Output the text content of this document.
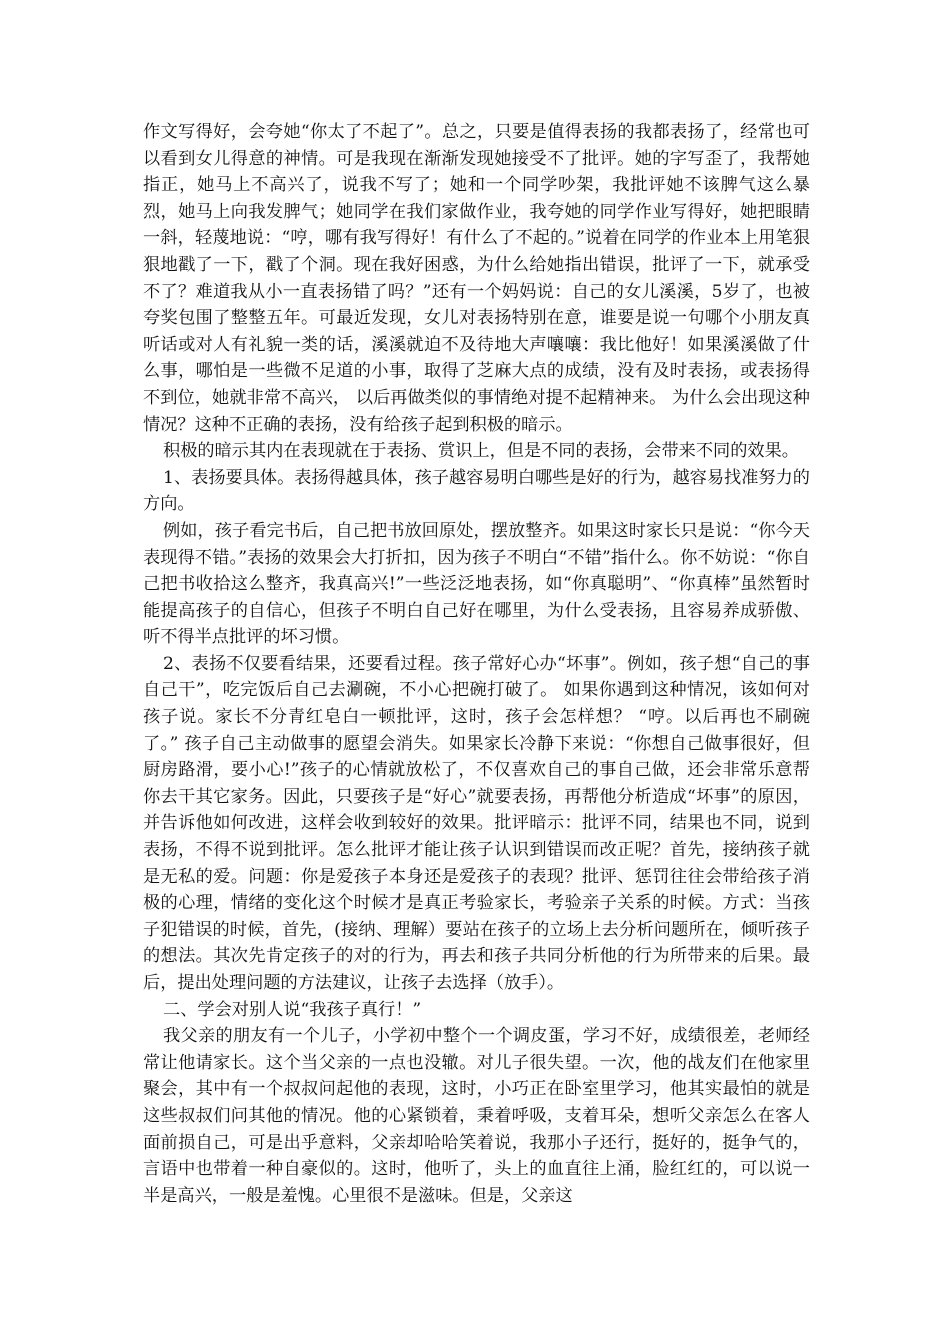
作文写得好，会夸她“你太了不起了”。总之，只要是值得表扬的我都表扬了，经常也可以看到女儿得意的神情。可是我现在渐渐发现她接受不了批评。她的字写歪了，我帮她指正，她马上不高兴了，说我不写了；她和一个同学吵架，我批评她不该脾气这么暴烈，她马上向我发脾气；她同学在我们家做作业，我夸她的同学作业写得好，她把眼睛一斜，轻蔑地说：“哼，哪有我写得好！有什么了不起的。”说着在同学的作业本上用笔狠狠地戳了一下，戳了个洞。现在我好困惑，为什么给她指出错误，批评了一下，就承受不了？难道我从小一直表扬错了吗？”还有一个妈妈说：自己的女儿溪溪，5岁了，也被夸奖包围了整整五年。可最近发现，女儿对表扬特别在意，谁要是说一句哪个小朋友真听话或对人有礼貌一类的话，溪溪就迫不及待地大声嚷嚷：我比他好！如果溪溪做了什么事，哪怕是一些微不足道的小事，取得了芝麻大点的成绩，没有及时表扬，或表扬得不到位，她就非常不高兴， 以后再做类似的事情绝对提不起精神来。 为什么会出现这种情况？这种不正确的表扬，没有给孩子起到积极的暗示。

积极的暗示其内在表现就在于表扬、赏识上，但是不同的表扬，会带来不同的效果。

1、表扬要具体。表扬得越具体，孩子越容易明白哪些是好的行为，越容易找准努力的方向。

例如，孩子看完书后，自己把书放回原处，摆放整齐。如果这时家长只是说：“你今天表现得不错。”表扬的效果会大打折扣，因为孩子不明白“不错”指什么。你不妨说：“你自己把书收拾这么整齐，我真高兴!”一些泛泛地表扬，如“你真聪明”、“你真棒”虽然暂时能提高孩子的自信心，但孩子不明白自己好在哪里，为什么受表扬，且容易养成骄傲、听不得半点批评的坏习惯。

2、表扬不仅要看结果，还要看过程。孩子常好心办“坏事”。例如，孩子想“自己的事自己干”，吃完饭后自己去涮碗，不小心把碗打破了。 如果你遇到这种情况，该如何对孩子说。家长不分青红皂白一顿批评，这时，孩子会怎样想？ “哼。以后再也不刷碗了。” 孩子自己主动做事的愿望会消失。如果家长冷静下来说：“你想自己做事很好，但厨房路滑，要小心!”孩子的心情就放松了，不仅喜欢自己的事自己做，还会非常乐意帮你去干其它家务。因此，只要孩子是“好心”就要表扬，再帮他分析造成“坏事”的原因，并告诉他如何改进，这样会收到较好的效果。批评暗示：批评不同，结果也不同，说到表扬，不得不说到批评。怎么批评才能让孩子认识到错误而改正呢？首先，接纳孩子就是无私的爱。问题：你是爱孩子本身还是爱孩子的表现？批评、惩罚往往会带给孩子消极的心理，情绪的变化这个时候才是真正考验家长，考验亲子关系的时候。方式：当孩子犯错误的时候，首先，(接纳、理解）要站在孩子的立场上去分析问题所在，倾听孩子的想法。其次先肯定孩子的对的行为，再去和孩子共同分析他的行为所带来的后果。最后，提出处理问题的方法建议，让孩子去选择（放手）。

二、学会对别人说“我孩子真行！”

我父亲的朋友有一个儿子，小学初中整个一个调皮蛋，学习不好，成绩很差，老师经常让他请家长。这个当父亲的一点也没辙。对儿子很失望。一次，他的战友们在他家里聚会，其中有一个叔叔问起他的表现，这时，小巧正在卧室里学习，他其实最怕的就是这些叔叔们问其他的情况。他的心紧锁着，秉着呼吸，支着耳朵，想听父亲怎么在客人面前损自己，可是出乎意料，父亲却哈哈笑着说，我那小子还行，挺好的，挺争气的，言语中也带着一种自豪似的。这时，他听了，头上的血直往上涌，脸红红的，可以说一半是高兴，一般是羞愧。心里很不是滋味。但是，父亲这
